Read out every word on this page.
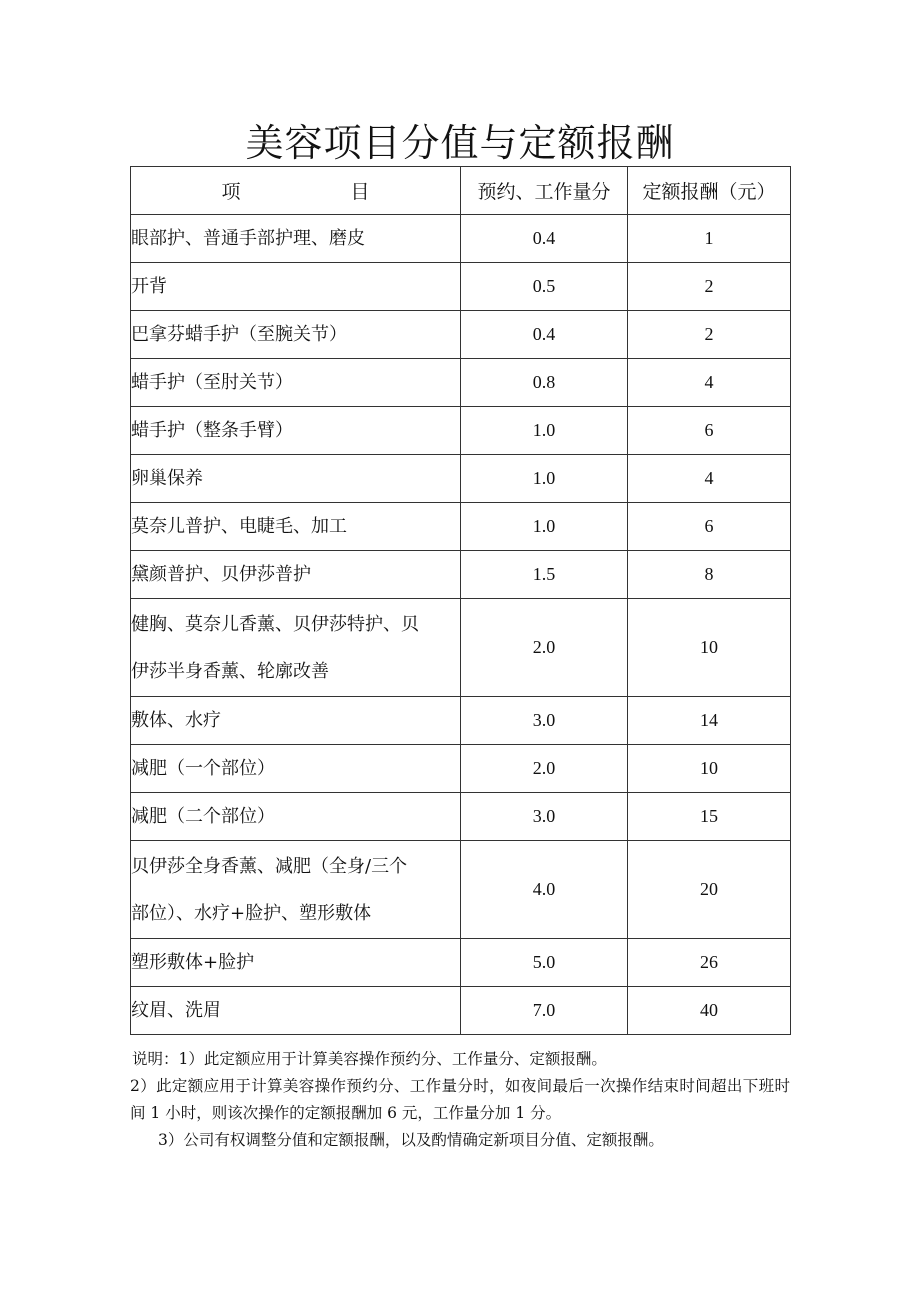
美容项目分值与定额报酬
项 目	预约、工作量分	定额报酬（元）
眼部护、普通手部护理、磨皮	0.4	1
开背	0.5	2
巴拿芬蜡手护（至腕关节）	0.4	2
蜡手护（至肘关节）	0.8	4
蜡手护（整条手臂）	1.0	6
卵巢保养	1.0	4
莫奈儿普护、电睫毛、加工	1.0	6
黛颜普护、贝伊莎普护	1.5	8
健胸、莫奈儿香薰、贝伊莎特护、贝
伊莎半身香薰、轮廓改善	2.0	10
敷体、水疗	3.0	14
减肥（一个部位）	2.0	10
减肥（二个部位）	3.0	15
贝伊莎全身香薰、减肥（全身/三个
部位）、水疗+脸护、塑形敷体	4.0	20
塑形敷体+脸护	5.0	26
纹眉、洗眉	7.0	40

说明：1）此定额应用于计算美容操作预约分、工作量分、定额报酬。

2）此定额应用于计算美容操作预约分、工作量分时，如夜间最后一次操作结束时间超出下班时间 1 小时，则该次操作的定额报酬加 6 元，工作量分加 1 分。

3）公司有权调整分值和定额报酬，以及酌情确定新项目分值、定额报酬。
